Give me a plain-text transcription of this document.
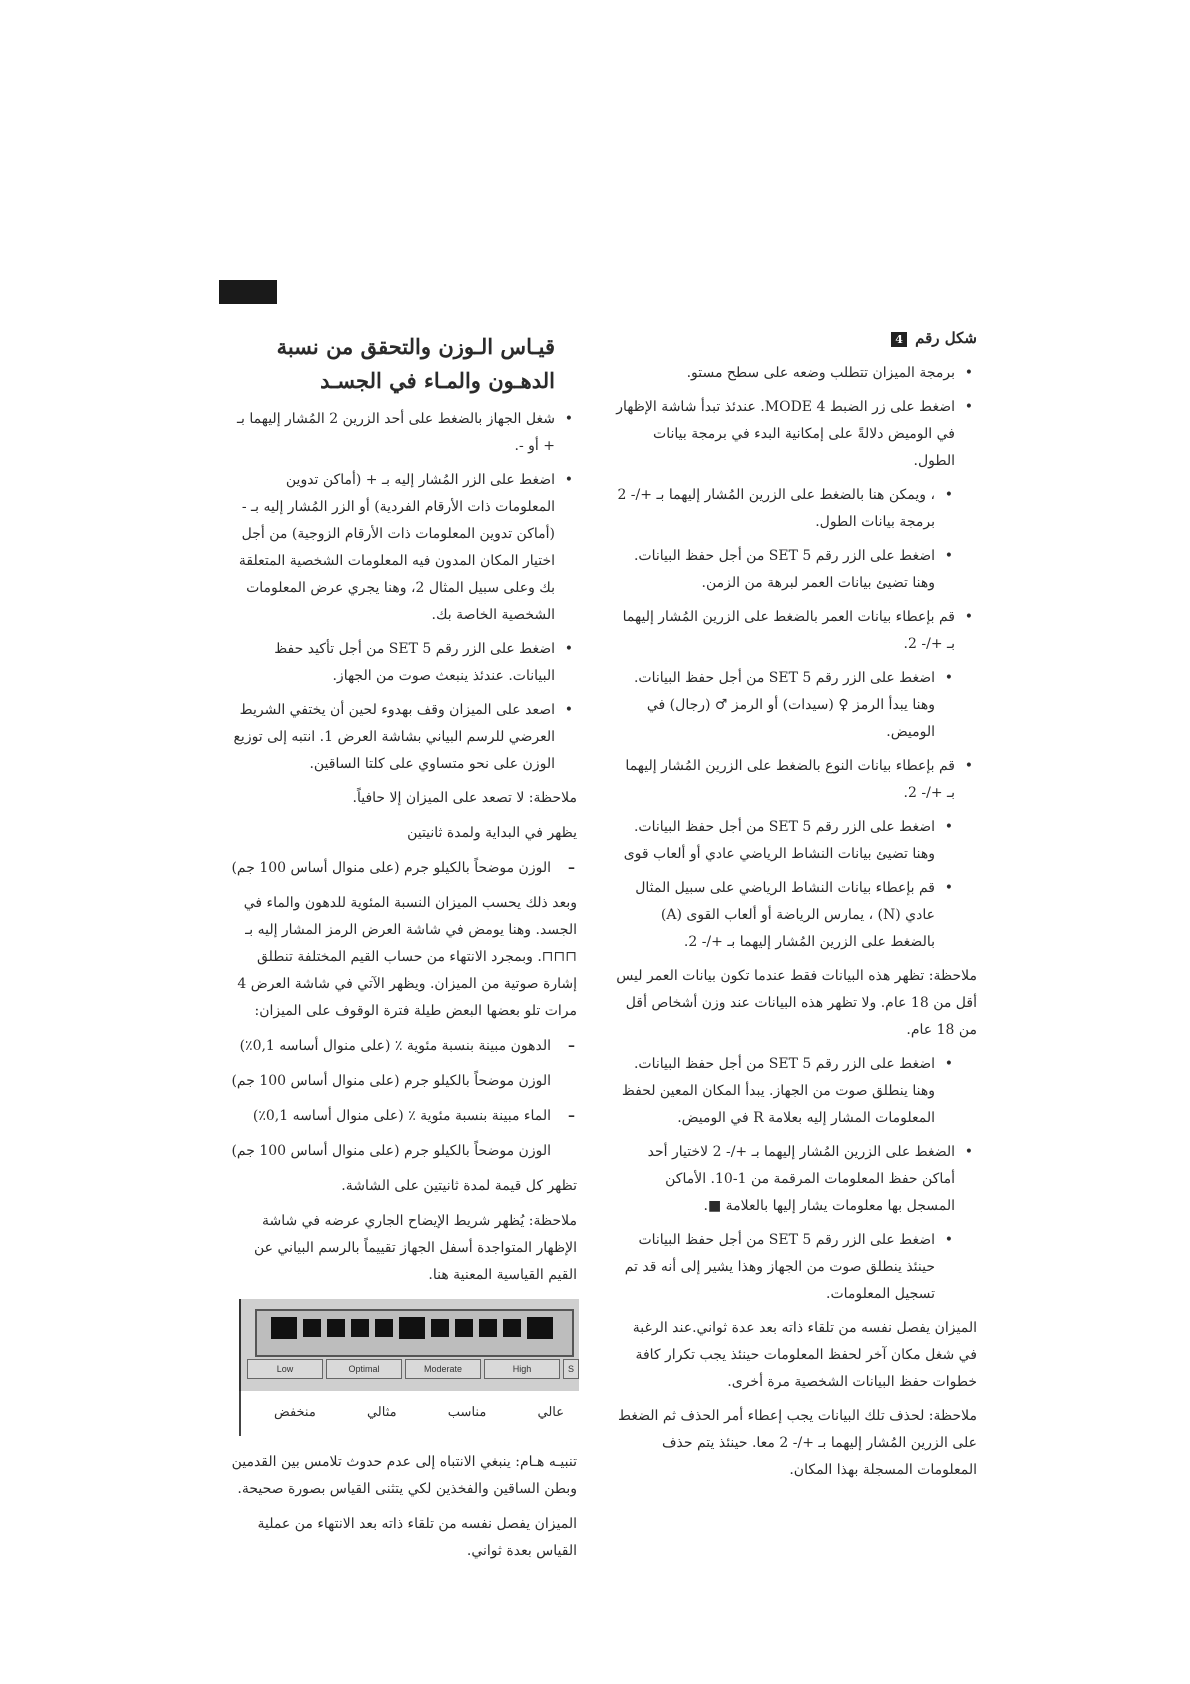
شكل رقم 4
• برمجة الميزان تتطلب وضعه على سطح مستو.
• اضغط على زر الضبط MODE 4. عندئذ تبدأ شاشة الإظهار في الوميض دلالةً على إمكانية البدء في برمجة بيانات الطول.
• ، ويمكن هنا بالضغط على الزرين المُشار إليهما بـ +/- 2 برمجة بيانات الطول.
• اضغط على الزر رقم SET 5 من أجل حفظ البيانات. وهنا تضيئ بيانات العمر لبرهة من الزمن.
• قم بإعطاء بيانات العمر بالضغط على الزرين المُشار إليهما بـ +/- 2.
• اضغط على الزر رقم SET 5 من أجل حفظ البيانات. وهنا يبدأ الرمز ♀ (سيدات) أو الرمز ♂ (رجال) في الوميض.
• قم بإعطاء بيانات النوع بالضغط على الزرين المُشار إليهما بـ +/- 2.
• اضغط على الزر رقم SET 5 من أجل حفظ البيانات. وهنا تضيئ بيانات النشاط الرياضي عادي أو ألعاب قوى
• قم بإعطاء بيانات النشاط الرياضي على سبيل المثال عادي (N) ، يمارس الرياضة أو ألعاب القوى (A) بالضغط على الزرين المُشار إليهما بـ +/- 2.
ملاحظة: تظهر هذه البيانات فقط عندما تكون بيانات العمر ليس أقل من 18 عام. ولا تظهر هذه البيانات عند وزن أشخاص أقل من 18 عام.
• اضغط على الزر رقم SET 5 من أجل حفظ البيانات. وهنا ينطلق صوت من الجهاز. يبدأ المكان المعين لحفظ المعلومات المشار إليه بعلامة R في الوميض.
• الضغط على الزرين المُشار إليهما بـ +/- 2 لاختيار أحد أماكن حفظ المعلومات المرقمة من 1-10. الأماكن المسجل بها معلومات يشار إليها بالعلامة ■.
• اضغط على الزر رقم SET 5 من أجل حفظ البيانات حينئذ ينطلق صوت من الجهاز وهذا يشير إلى أنه قد تم تسجيل المعلومات.
الميزان يفصل نفسه من تلقاء ذاته بعد عدة ثواني.عند الرغبة في شغل مكان آخر لحفظ المعلومات حينئذ يجب تكرار كافة خطوات حفظ البيانات الشخصية مرة أخرى.
ملاحظة: لحذف تلك البيانات يجب إعطاء أمر الحذف ثم الضغط على الزرين المُشار إليهما بـ +/- 2 معا. حينئذ يتم حذف المعلومات المسجلة بهذا المكان.
قيـاس الـوزن والتحقق من نسبة الدهـون والمـاء في الجسـد
• شغل الجهاز بالضغط على أحد الزرين 2 المُشار إليهما بـ + أو -.
• اضغط على الزر المُشار إليه بـ + (أماكن تدوين المعلومات ذات الأرقام الفردية) أو الزر المُشار إليه بـ - (أماكن تدوين المعلومات ذات الأرقام الزوجية) من أجل اختيار المكان المدون فيه المعلومات الشخصية المتعلقة بك وعلى سبيل المثال 2، وهنا يجري عرض المعلومات الشخصية الخاصة بك.
• اضغط على الزر رقم SET 5 من أجل تأكيد حفظ البيانات. عندئذ ينبعث صوت من الجهاز.
• اصعد على الميزان وقف بهدوء لحين أن يختفي الشريط العرضي للرسم البياني بشاشة العرض 1. انتبه إلى توزيع الوزن على نحو متساوي على كلتا الساقين.

ملاحظة: لا تصعد على الميزان إلا حافياً.

يظهر في البداية ولمدة ثانيتين

– الوزن موضحاً بالكيلو جرم (على منوال أساس 100 جم)

وبعد ذلك يحسب الميزان النسبة المئوية للدهون والماء في الجسد. وهنا يومض في شاشة العرض الرمز المشار إليه بـ ⊓⊓⊓. وبمجرد الانتهاء من حساب القيم المختلفة تنطلق إشارة صوتية من الميزان. ويظهر الآتي في شاشة العرض 4 مرات تلو بعضها البعض طيلة فترة الوقوف على الميزان:

– الدهون مبينة بنسبة مئوية ٪ (على منوال أساسه 0,1٪)
الوزن موضحاً بالكيلو جرم (على منوال أساس 100 جم)
– الماء مبينة بنسبة مئوية ٪ (على منوال أساسه 0,1٪)
الوزن موضحاً بالكيلو جرم (على منوال أساس 100 جم)

تظهر كل قيمة لمدة ثانيتين على الشاشة.

ملاحظة: يُظهر شريط الإيضاح الجاري عرضه في شاشة الإظهار المتواجدة أسفل الجهاز تقييماً بالرسم البياني عن القيم القياسية المعنية هنا.

Low	Optimal	Moderate	High	S
عالي
مناسب
مثالي
منخفض

تنبيـه هـام: ينبغي الانتباه إلى عدم حدوث تلامس بين القدمين وبطن الساقين والفخذين لكي يتثنى القياس بصورة صحيحة.

الميزان يفصل نفسه من تلقاء ذاته بعد الانتهاء من عملية القياس بعدة ثواني.
